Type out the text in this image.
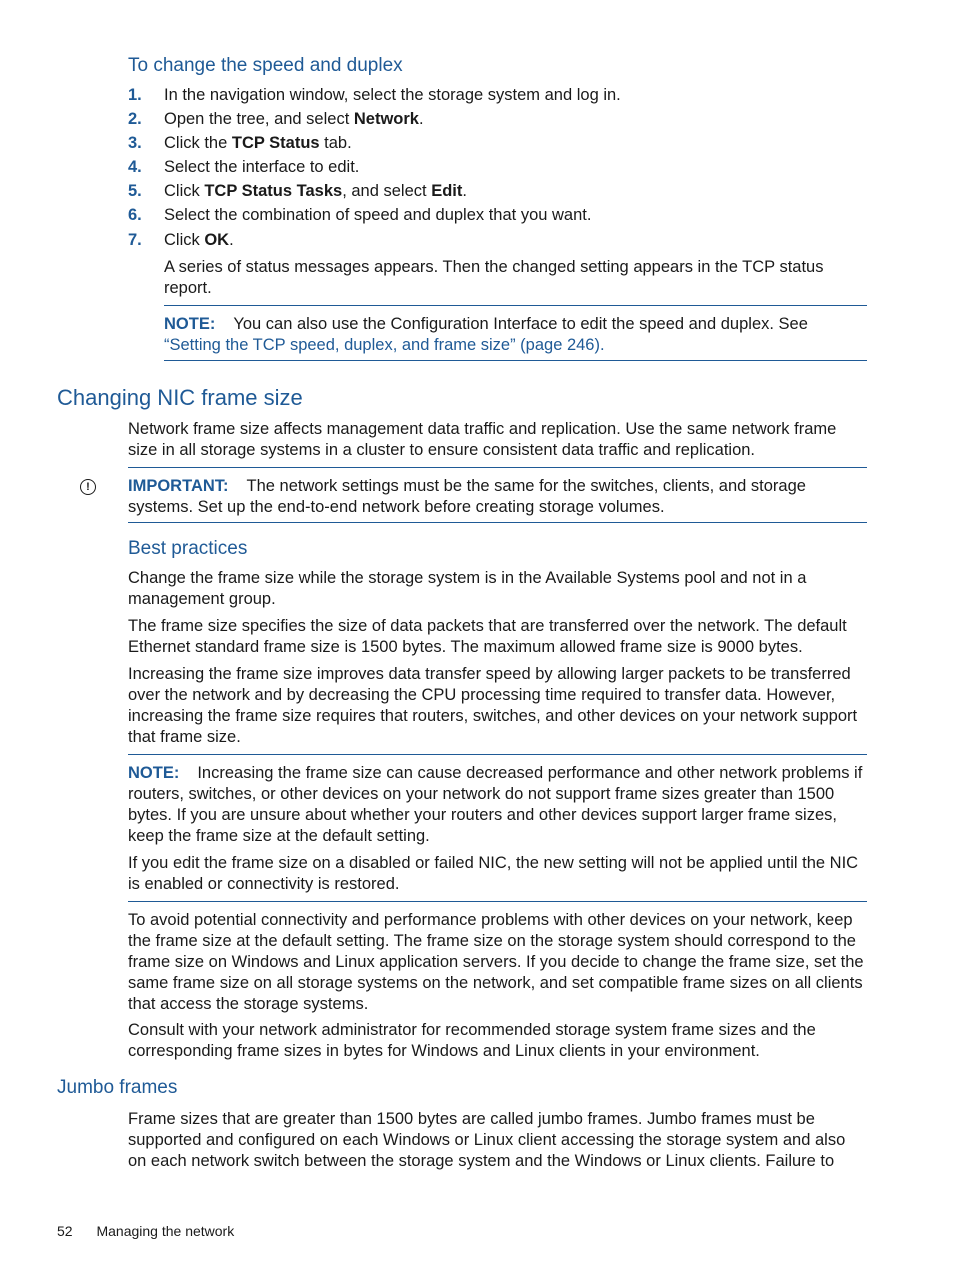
To change the speed and duplex
1. In the navigation window, select the storage system and log in.
2. Open the tree, and select Network.
3. Click the TCP Status tab.
4. Select the interface to edit.
5. Click TCP Status Tasks, and select Edit.
6. Select the combination of speed and duplex that you want.
7. Click OK.
A series of status messages appears. Then the changed setting appears in the TCP status report.
NOTE: You can also use the Configuration Interface to edit the speed and duplex. See
“Setting the TCP speed, duplex, and frame size” (page 246).
Changing NIC frame size
Network frame size affects management data traffic and replication. Use the same network frame size in all storage systems in a cluster to ensure consistent data traffic and replication.
!	IMPORTANT: The network settings must be the same for the switches, clients, and storage systems. Set up the end-to-end network before creating storage volumes.
Best practices
Change the frame size while the storage system is in the Available Systems pool and not in a management group.
The frame size specifies the size of data packets that are transferred over the network. The default Ethernet standard frame size is 1500 bytes. The maximum allowed frame size is 9000 bytes.
Increasing the frame size improves data transfer speed by allowing larger packets to be transferred over the network and by decreasing the CPU processing time required to transfer data. However, increasing the frame size requires that routers, switches, and other devices on your network support that frame size.
NOTE: Increasing the frame size can cause decreased performance and other network problems if routers, switches, or other devices on your network do not support frame sizes greater than 1500 bytes. If you are unsure about whether your routers and other devices support larger frame sizes, keep the frame size at the default setting.
If you edit the frame size on a disabled or failed NIC, the new setting will not be applied until the NIC is enabled or connectivity is restored.
To avoid potential connectivity and performance problems with other devices on your network, keep the frame size at the default setting. The frame size on the storage system should correspond to the frame size on Windows and Linux application servers. If you decide to change the frame size, set the same frame size on all storage systems on the network, and set compatible frame sizes on all clients that access the storage systems.
Consult with your network administrator for recommended storage system frame sizes and the corresponding frame sizes in bytes for Windows and Linux clients in your environment.
Jumbo frames
Frame sizes that are greater than 1500 bytes are called jumbo frames. Jumbo frames must be supported and configured on each Windows or Linux client accessing the storage system and also on each network switch between the storage system and the Windows or Linux clients. Failure to
52 Managing the network
